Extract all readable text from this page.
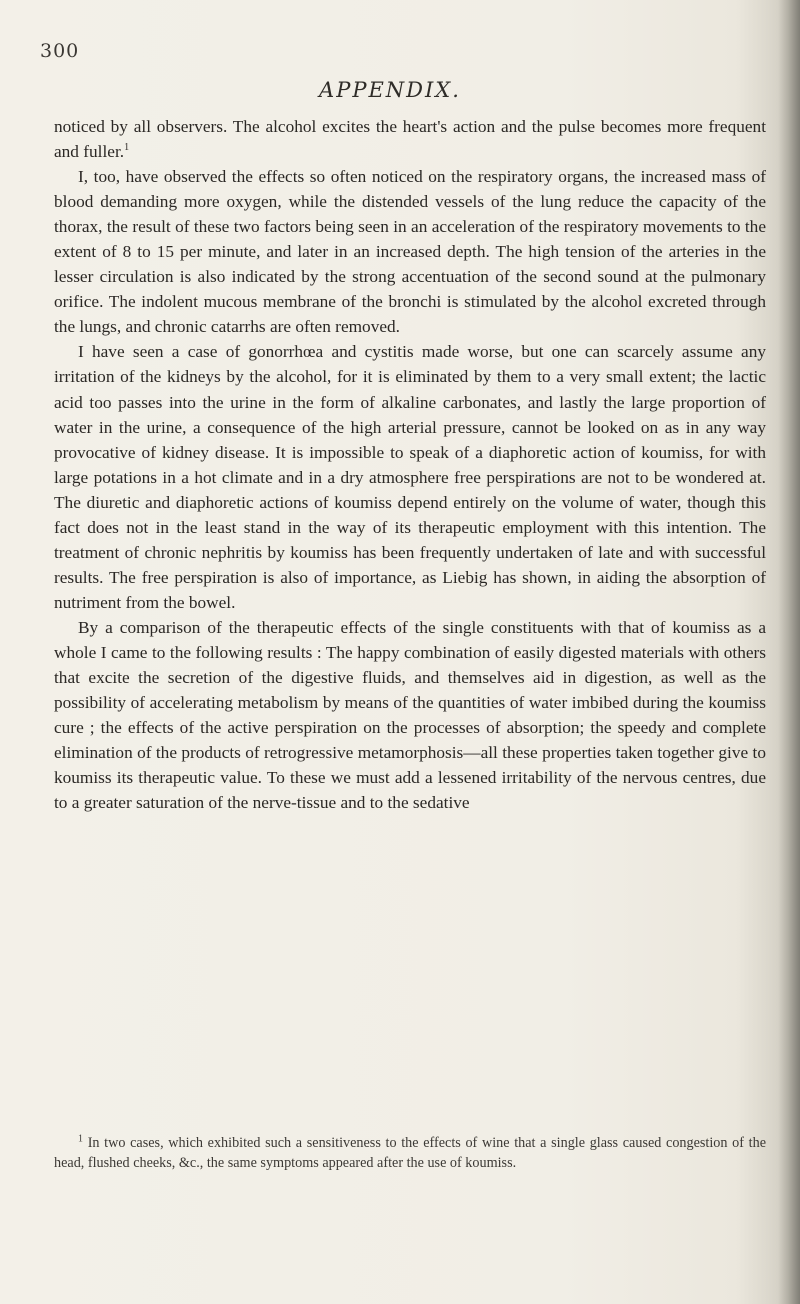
300
APPENDIX.

noticed by all observers. The alcohol excites the heart's action and the pulse becomes more frequent and fuller.$^1$

I, too, have observed the effects so often noticed on the respiratory organs, the increased mass of blood demanding more oxygen, while the distended vessels of the lung reduce the capacity of the thorax, the result of these two factors being seen in an acceleration of the respiratory movements to the extent of 8 to 15 per minute, and later in an increased depth. The high tension of the arteries in the lesser circulation is also indicated by the strong accentuation of the second sound at the pulmonary orifice. The indolent mucous membrane of the bronchi is stimulated by the alcohol excreted through the lungs, and chronic catarrhs are often removed.

I have seen a case of gonorrhœa and cystitis made worse, but one can scarcely assume any irritation of the kidneys by the alcohol, for it is eliminated by them to a very small extent; the lactic acid too passes into the urine in the form of alkaline carbonates, and lastly the large proportion of water in the urine, a consequence of the high arterial pressure, cannot be looked on as in any way provocative of kidney disease. It is impossible to speak of a diaphoretic action of koumiss, for with large potations in a hot climate and in a dry atmosphere free perspirations are not to be wondered at. The diuretic and diaphoretic actions of koumiss depend entirely on the volume of water, though this fact does not in the least stand in the way of its therapeutic employment with this intention. The treatment of chronic nephritis by koumiss has been frequently undertaken of late and with successful results. The free perspiration is also of importance, as Liebig has shown, in aiding the absorption of nutriment from the bowel.

By a comparison of the therapeutic effects of the single constituents with that of koumiss as a whole I came to the following results : The happy combination of easily digested materials with others that excite the secretion of the digestive fluids, and themselves aid in digestion, as well as the possibility of accelerating metabolism by means of the quantities of water imbibed during the koumiss cure ; the effects of the active perspiration on the processes of absorption; the speedy and complete elimination of the products of retrogressive metamorphosis—all these properties taken together give to koumiss its therapeutic value. To these we must add a lessened irritability of the nervous centres, due to a greater saturation of the nerve-tissue and to the sedative

$^1$ In two cases, which exhibited such a sensitiveness to the effects of wine that a single glass caused congestion of the head, flushed cheeks, &c., the same symptoms appeared after the use of koumiss.
